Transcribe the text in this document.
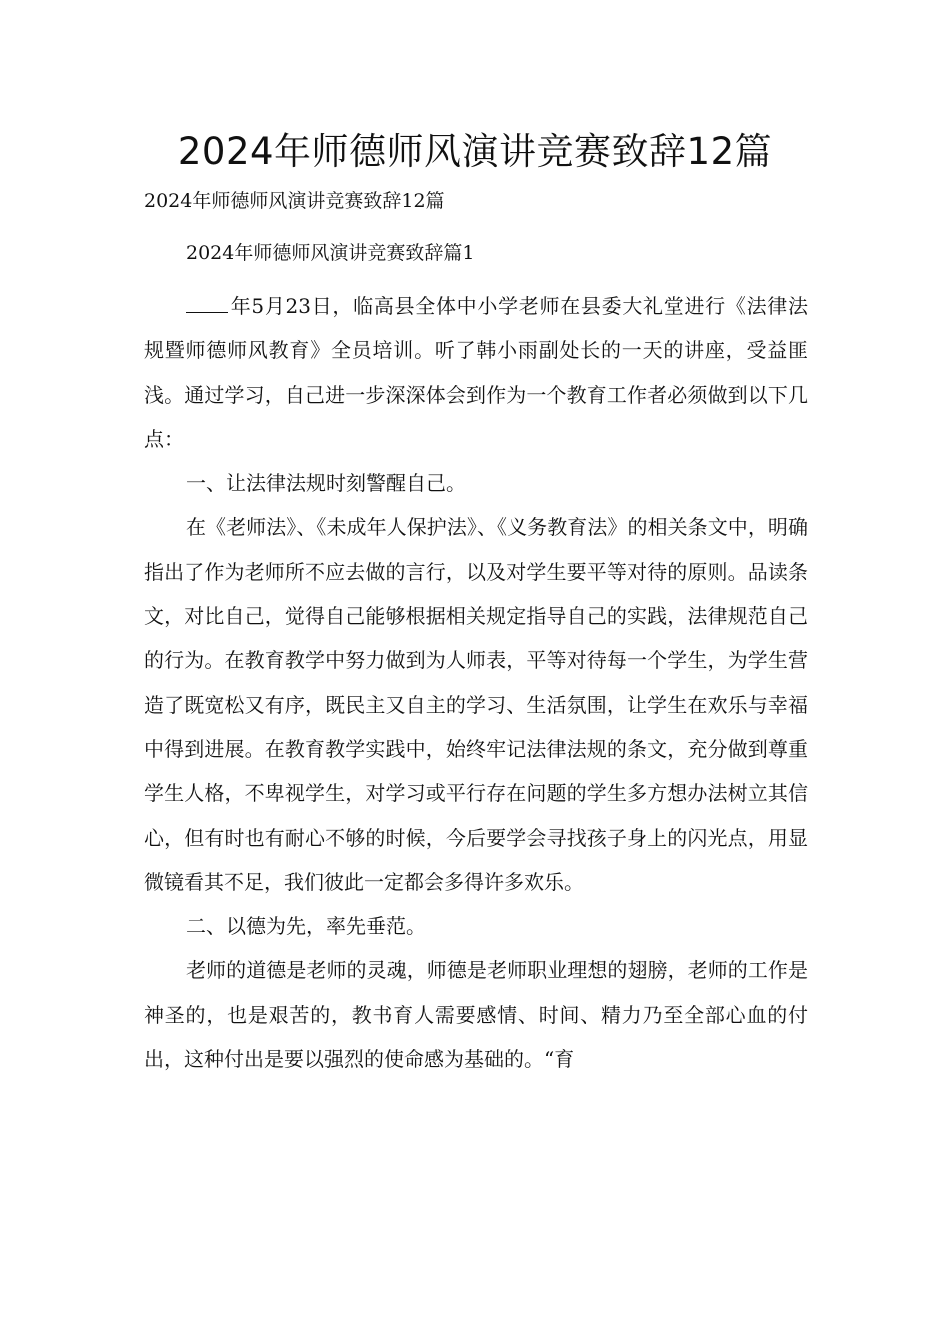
2024年师德师风演讲竞赛致辞12篇
2024年师德师风演讲竞赛致辞12篇
2024年师德师风演讲竞赛致辞篇1

年5月23日，临高县全体中小学老师在县委大礼堂进行《法律法规暨师德师风教育》全员培训。听了韩小雨副处长的一天的讲座，受益匪浅。通过学习，自己进一步深深体会到作为一个教育工作者必须做到以下几点：

一、让法律法规时刻警醒自己。

在《老师法》、《未成年人保护法》、《义务教育法》的相关条文中，明确指出了作为老师所不应去做的言行，以及对学生要平等对待的原则。品读条文，对比自己，觉得自己能够根据相关规定指导自己的实践，法律规范自己的行为。在教育教学中努力做到为人师表，平等对待每一个学生，为学生营造了既宽松又有序，既民主又自主的学习、生活氛围，让学生在欢乐与幸福中得到进展。在教育教学实践中，始终牢记法律法规的条文，充分做到尊重学生人格，不卑视学生，对学习或平行存在问题的学生多方想办法树立其信心，但有时也有耐心不够的时候，今后要学会寻找孩子身上的闪光点，用显微镜看其不足，我们彼此一定都会多得许多欢乐。

二、以德为先，率先垂范。

老师的道德是老师的灵魂，师德是老师职业理想的翅膀，老师的工作是神圣的，也是艰苦的，教书育人需要感情、时间、精力乃至全部心血的付出，这种付出是要以强烈的使命感为基础的。“育
